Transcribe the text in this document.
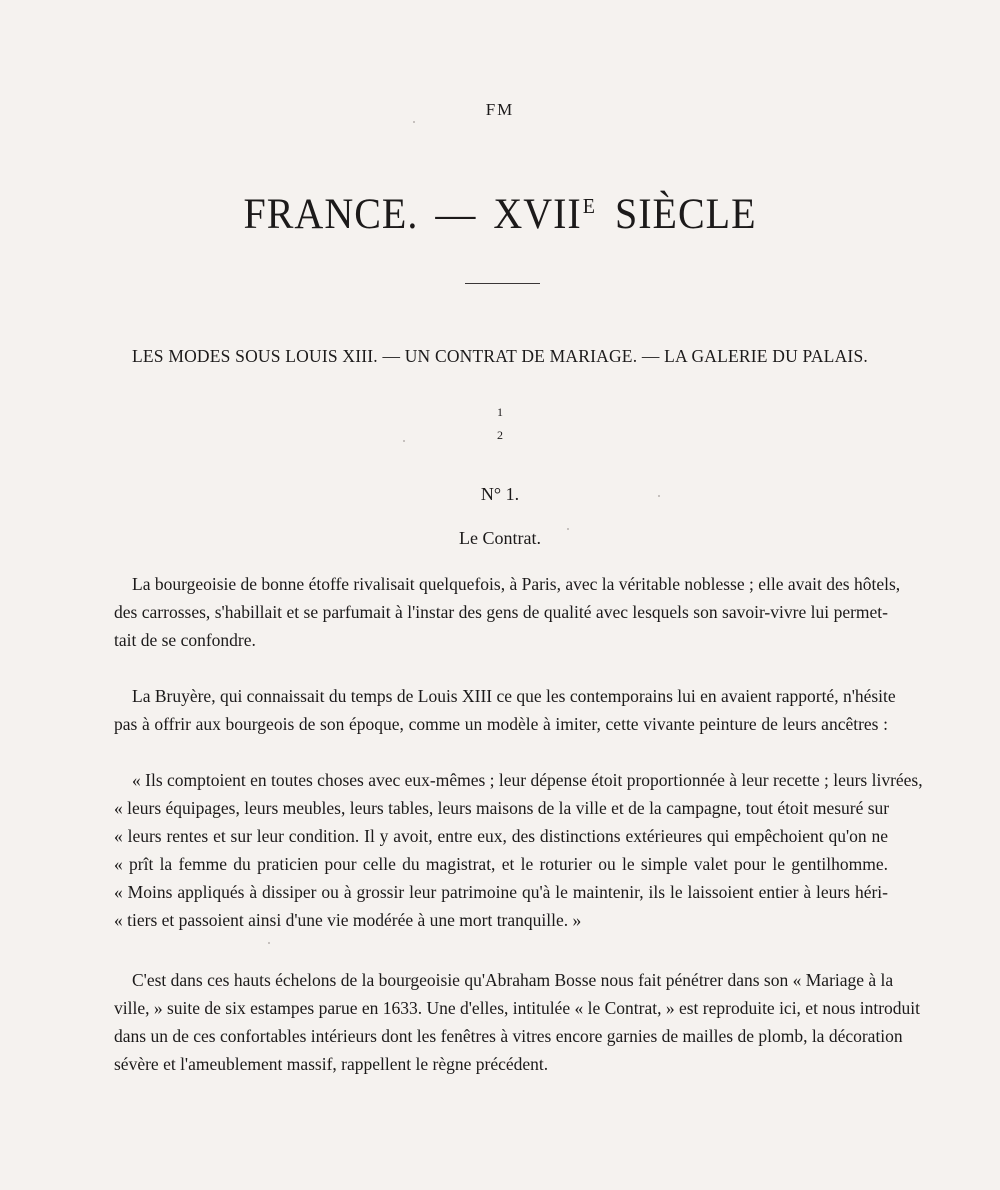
FM
FRANCE. — $XVII^E$ SIÈCLE
LES MODES SOUS LOUIS XIII. — UN CONTRAT DE MARIAGE. — LA GALERIE DU PALAIS.
1
2
N° 1.
Le Contrat.
La bourgeoisie de bonne étoffe rivalisait quelquefois, à Paris, avec la véritable noblesse ; elle avait des hôtels,
des carrosses, s'habillait et se parfumait à l'instar des gens de qualité avec lesquels son savoir-vivre lui permet-
tait de se confondre.
La Bruyère, qui connaissait du temps de Louis XIII ce que les contemporains lui en avaient rapporté, n'hésite
pas à offrir aux bourgeois de son époque, comme un modèle à imiter, cette vivante peinture de leurs ancêtres :
« Ils comptoient en toutes choses avec eux-mêmes ; leur dépense étoit proportionnée à leur recette ; leurs livrées,
« leurs équipages, leurs meubles, leurs tables, leurs maisons de la ville et de la campagne, tout étoit mesuré sur
« leurs rentes et sur leur condition. Il y avoit, entre eux, des distinctions extérieures qui empêchoient qu'on ne
« prît la femme du praticien pour celle du magistrat, et le roturier ou le simple valet pour le gentilhomme.
« Moins appliqués à dissiper ou à grossir leur patrimoine qu'à le maintenir, ils le laissoient entier à leurs héri-
« tiers et passoient ainsi d'une vie modérée à une mort tranquille. »
C'est dans ces hauts échelons de la bourgeoisie qu'Abraham Bosse nous fait pénétrer dans son « Mariage à la
ville, » suite de six estampes parue en 1633. Une d'elles, intitulée « le Contrat, » est reproduite ici, et nous introduit
dans un de ces confortables intérieurs dont les fenêtres à vitres encore garnies de mailles de plomb, la décoration
sévère et l'ameublement massif, rappellent le règne précédent.
